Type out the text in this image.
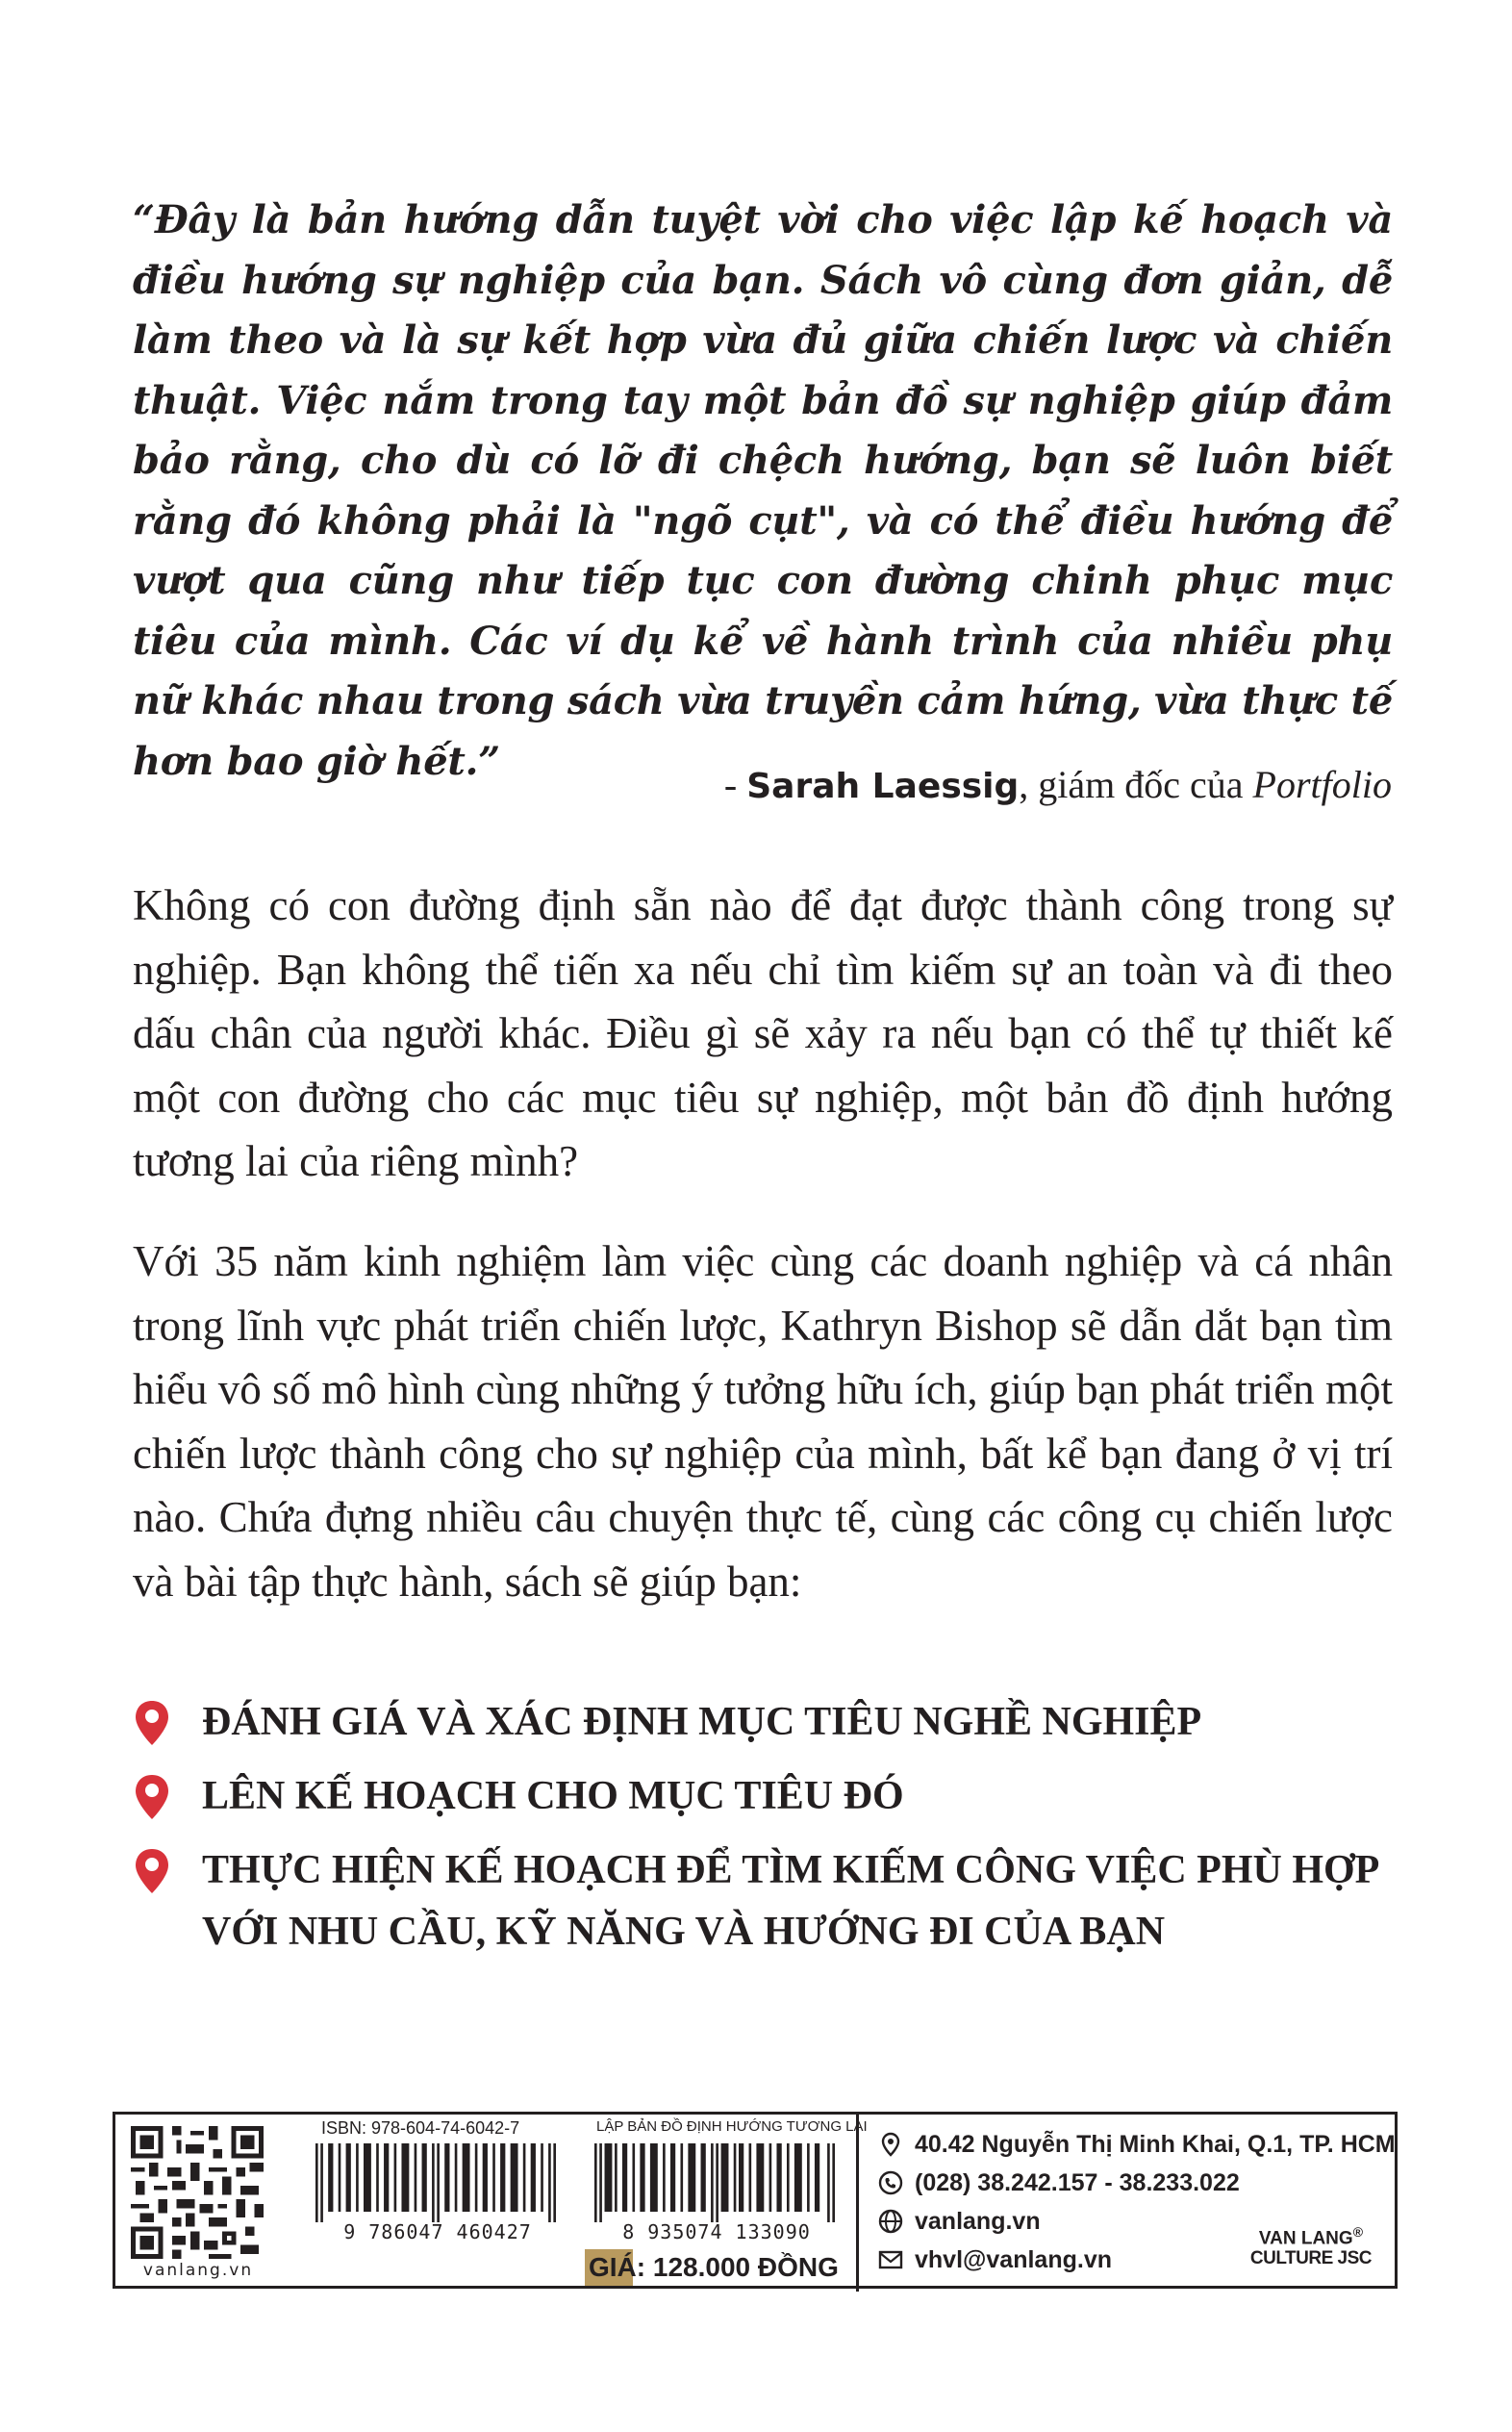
“Đây là bản hướng dẫn tuyệt vời cho việc lập kế hoạch và điều hướng sự nghiệp của bạn. Sách vô cùng đơn giản, dễ làm theo và là sự kết hợp vừa đủ giữa chiến lược và chiến thuật. Việc nắm trong tay một bản đồ sự nghiệp giúp đảm bảo rằng, cho dù có lỡ đi chệch hướng, bạn sẽ luôn biết rằng đó không phải là "ngõ cụt", và có thể điều hướng để vượt qua cũng như tiếp tục con đường chinh phục mục tiêu của mình. Các ví dụ kể về hành trình của nhiều phụ nữ khác nhau trong sách vừa truyền cảm hứng, vừa thực tế hơn bao giờ hết.”

- Sarah Laessig, giám đốc của Portfolio

Không có con đường định sẵn nào để đạt được thành công trong sự nghiệp. Bạn không thể tiến xa nếu chỉ tìm kiếm sự an toàn và đi theo dấu chân của người khác. Điều gì sẽ xảy ra nếu bạn có thể tự thiết kế một con đường cho các mục tiêu sự nghiệp, một bản đồ định hướng tương lai của riêng mình?

Với 35 năm kinh nghiệm làm việc cùng các doanh nghiệp và cá nhân trong lĩnh vực phát triển chiến lược, Kathryn Bishop sẽ dẫn dắt bạn tìm hiểu vô số mô hình cùng những ý tưởng hữu ích, giúp bạn phát triển một chiến lược thành công cho sự nghiệp của mình, bất kể bạn đang ở vị trí nào. Chứa đựng nhiều câu chuyện thực tế, cùng các công cụ chiến lược và bài tập thực hành, sách sẽ giúp bạn:

ĐÁNH GIÁ VÀ XÁC ĐỊNH MỤC TIÊU NGHỀ NGHIỆP
LÊN KẾ HOẠCH CHO MỤC TIÊU ĐÓ
THỰC HIỆN KẾ HOẠCH ĐỂ TÌM KIẾM CÔNG VIỆC PHÙ HỢP VỚI NHU CẦU, KỸ NĂNG VÀ HƯỚNG ĐI CỦA BẠN

vanlang.vn

ISBN: 978-604-74-6042-7

9 786047 460427

LẬP BẢN ĐỒ ĐỊNH HƯỚNG TƯƠNG LAI

8 935074 133090

GIÁ: 128.000 ĐỒNG
40.42 Nguyễn Thị Minh Khai, Q.1, TP. HCM
(028) 38.242.157 - 38.233.022
vanlang.vn
vhvl@vanlang.vn
VAN LANG®
CULTURE JSC
